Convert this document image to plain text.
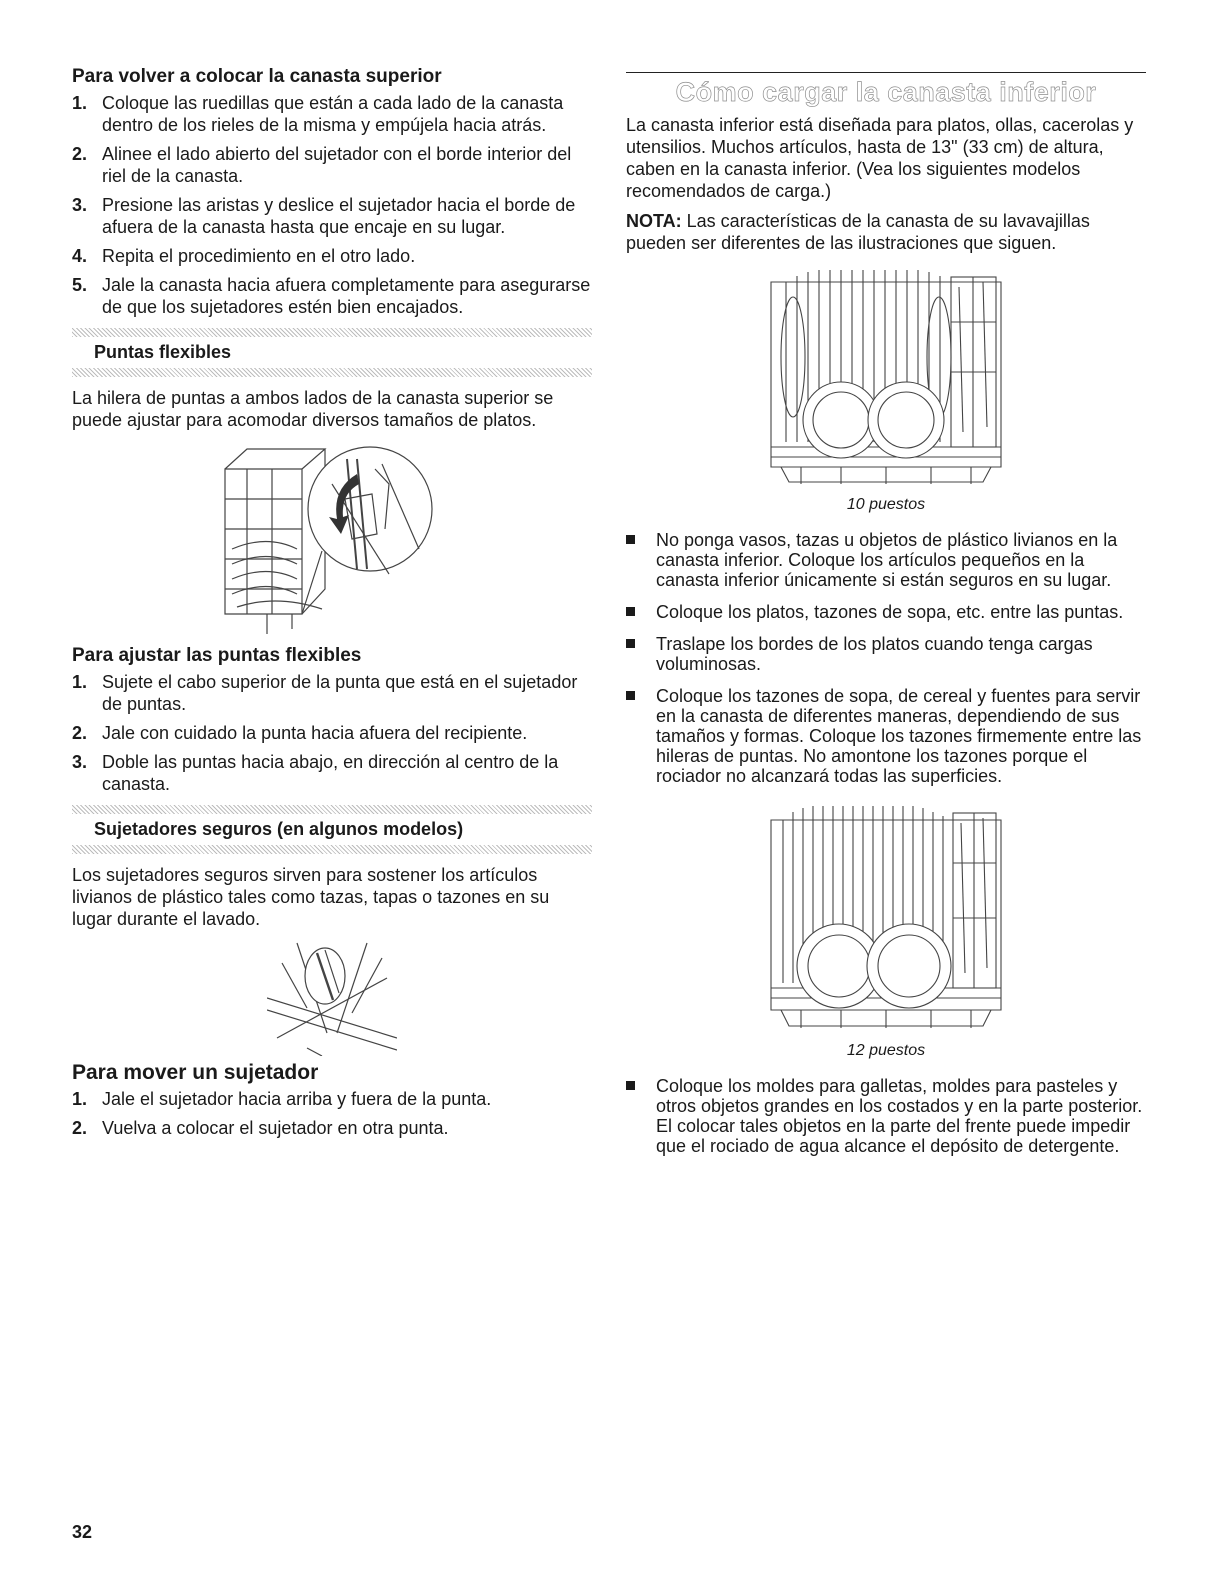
Para volver a colocar la canasta superior
1. Coloque las ruedillas que están a cada lado de la canasta dentro de los rieles de la misma y empújela hacia atrás.
2. Alinee el lado abierto del sujetador con el borde interior del riel de la canasta.
3. Presione las aristas y deslice el sujetador hacia el borde de afuera de la canasta hasta que encaje en su lugar.
4. Repita el procedimiento en el otro lado.
5. Jale la canasta hacia afuera completamente para asegurarse de que los sujetadores estén bien encajados.
Puntas flexibles

La hilera de puntas a ambos lados de la canasta superior se puede ajustar para acomodar diversos tamaños de platos.

Para ajustar las puntas flexibles
1. Sujete el cabo superior de la punta que está en el sujetador de puntas.
2. Jale con cuidado la punta hacia afuera del recipiente.
3. Doble las puntas hacia abajo, en dirección al centro de la canasta.
Sujetadores seguros (en algunos modelos)

Los sujetadores seguros sirven para sostener los artículos livianos de plástico tales como tazas, tapas o tazones en su lugar durante el lavado.

Para mover un sujetador
1. Jale el sujetador hacia arriba y fuera de la punta.
2. Vuelva a colocar el sujetador en otra punta.
Cómo cargar la canasta inferior

La canasta inferior está diseñada para platos, ollas, cacerolas y utensilios. Muchos artículos, hasta de 13" (33 cm) de altura, caben en la canasta inferior. (Vea los siguientes modelos recomendados de carga.)

NOTA: Las características de la canasta de su lavavajillas pueden ser diferentes de las ilustraciones que siguen.

10 puestos
No ponga vasos, tazas u objetos de plástico livianos en la canasta inferior. Coloque los artículos pequeños en la canasta inferior únicamente si están seguros en su lugar.
Coloque los platos, tazones de sopa, etc. entre las puntas.
Traslape los bordes de los platos cuando tenga cargas voluminosas.
Coloque los tazones de sopa, de cereal y fuentes para servir en la canasta de diferentes maneras, dependiendo de sus tamaños y formas. Coloque los tazones firmemente entre las hileras de puntas. No amontone los tazones porque el rociador no alcanzará todas las superficies.
12 puestos
Coloque los moldes para galletas, moldes para pasteles y otros objetos grandes en los costados y en la parte posterior. El colocar tales objetos en la parte del frente puede impedir que el rociado de agua alcance el depósito de detergente.
32
